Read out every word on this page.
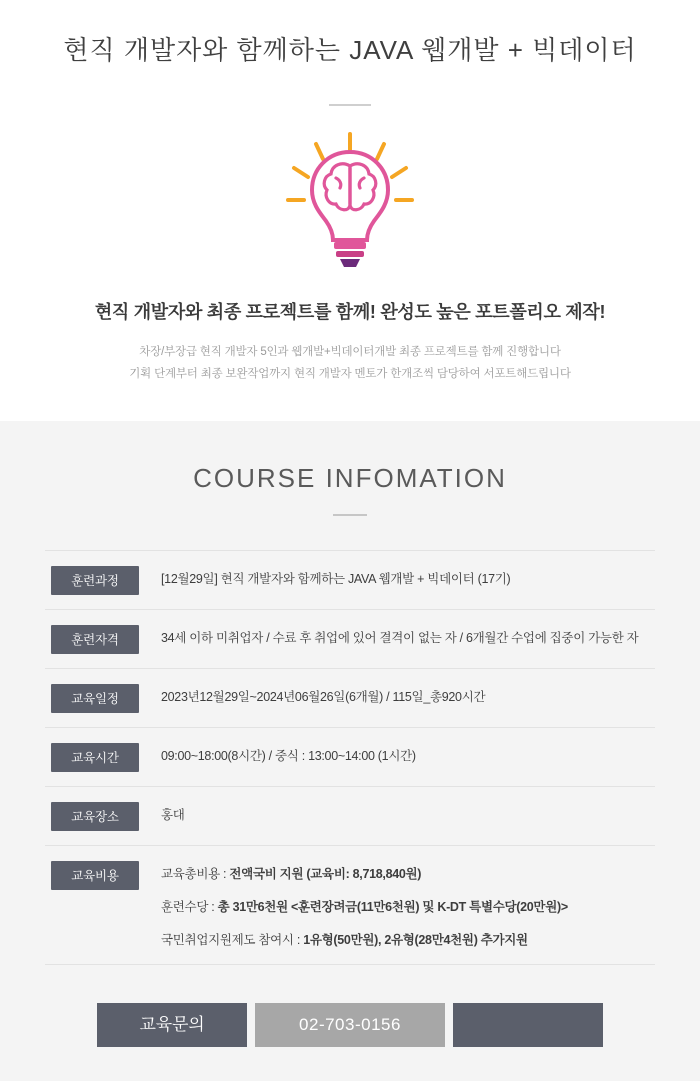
현직 개발자와 함께하는 JAVA 웹개발 + 빅데이터
현직 개발자와 최종 프로젝트를 함께! 완성도 높은 포트폴리오 제작!
차장/부장급 현직 개발자 5인과 웹개발+빅데이터개발 최종 프로젝트를 함께 진행합니다
기획 단계부터 최종 보완작업까지 현직 개발자 멘토가 한개조씩 담당하여 서포트해드립니다
COURSE INFOMATION
훈련과정	[12월29일] 현직 개발자와 함께하는 JAVA 웹개발 + 빅데이터 (17기)
훈련자격	34세 이하 미취업자 / 수료 후 취업에 있어 결격이 없는 자 / 6개월간 수업에 집중이 가능한 자
교육일정	2023년12월29일~2024년06월26일(6개월) / 115일_총920시간
교육시간	09:00~18:00(8시간) / 중식 : 13:00~14:00 (1시간)
교육장소	홍대
교육비용	교육총비용 : 전액국비 지원 (교육비: 8,718,840원)

훈련수당 : 총 31만6천원 <훈련장려금(11만6천원) 및 K-DT 특별수당(20만원)>

국민취업지원제도 참여시 : 1유형(50만원), 2유형(28만4천원) 추가지원

교육문의	02-703-0156
